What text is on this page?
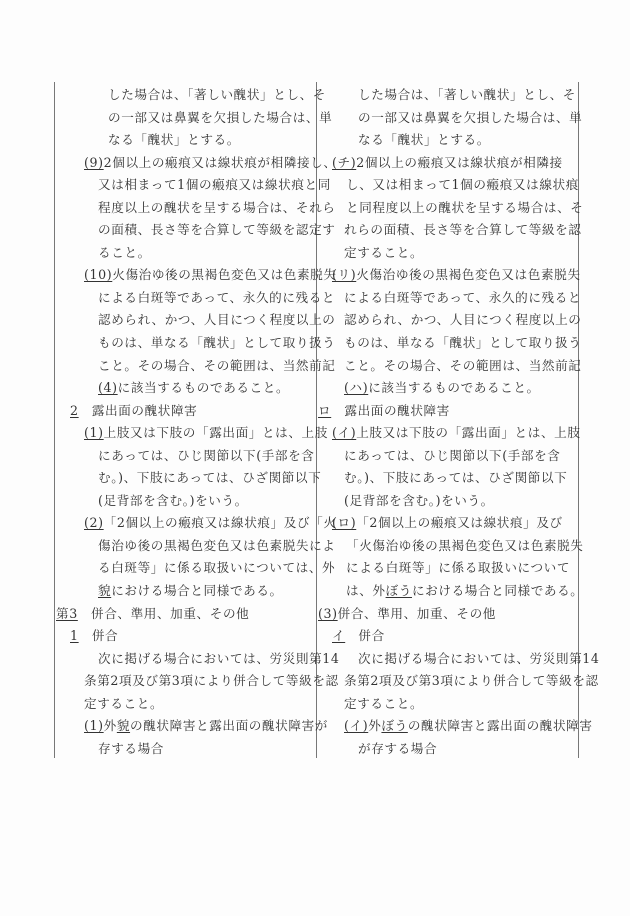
した場合は、「著しい醜状」とし、そ
の一部又は鼻翼を欠損した場合は、単
なる「醜状」とする。
(9)2個以上の瘢痕又は線状痕が相隣接し、
又は相まって1個の瘢痕又は線状痕と同
程度以上の醜状を呈する場合は、それら
の面積、長さ等を合算して等級を認定す
ること。
(10)火傷治ゆ後の黒褐色変色又は色素脱失
による白斑等であって、永久的に残ると
認められ、かつ、人目につく程度以上の
ものは、単なる「醜状」として取り扱う
こと。その場合、その範囲は、当然前記
(4)に該当するものであること。
2　露出面の醜状障害
(1)上肢又は下肢の「露出面」とは、上肢
にあっては、ひじ関節以下(手部を含
む。)、下肢にあっては、ひざ関節以下
(足背部を含む。)をいう。
(2)「2個以上の瘢痕又は線状痕」及び「火
傷治ゆ後の黒褐色変色又は色素脱失によ
る白斑等」に係る取扱いについては、外
貌における場合と同様である。
第3　併合、準用、加重、その他
1　併合
次に掲げる場合においては、労災則第14
条第2項及び第3項により併合して等級を認
定すること。
(1)外貌の醜状障害と露出面の醜状障害が
存する場合
した場合は、「著しい醜状」とし、そ
の一部又は鼻翼を欠損した場合は、単
なる「醜状」とする。
(チ)2個以上の瘢痕又は線状痕が相隣接
し、又は相まって1個の瘢痕又は線状痕
と同程度以上の醜状を呈する場合は、そ
れらの面積、長さ等を合算して等級を認
定すること。
(リ)火傷治ゆ後の黒褐色変色又は色素脱失
による白斑等であって、永久的に残ると
認められ、かつ、人目につく程度以上の
ものは、単なる「醜状」として取り扱う
こと。その場合、その範囲は、当然前記
(ハ)に該当するものであること。
ロ　露出面の醜状障害
(イ)上肢又は下肢の「露出面」とは、上肢
にあっては、ひじ関節以下(手部を含
む。)、下肢にあっては、ひざ関節以下
(足背部を含む。)をいう。
(ロ)「2個以上の瘢痕又は線状痕」及び
「火傷治ゆ後の黒褐色変色又は色素脱失
による白斑等」に係る取扱いについて
は、外ぼうにおける場合と同様である。
(3)併合、準用、加重、その他
イ　併合
次に掲げる場合においては、労災則第14
条第2項及び第3項により併合して等級を認
定すること。
(イ)外ぼうの醜状障害と露出面の醜状障害
が存する場合
